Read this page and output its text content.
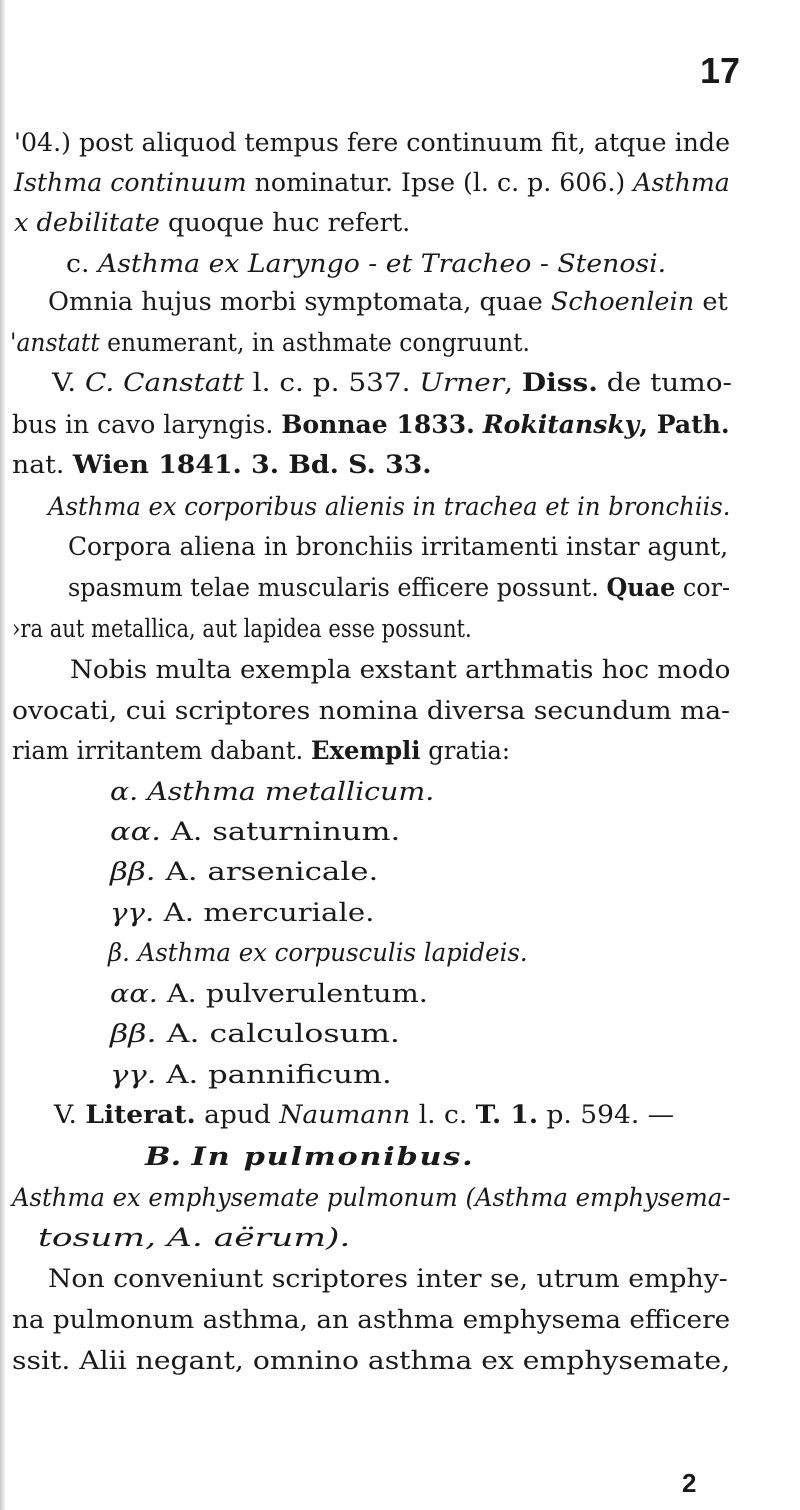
17
'04.) post aliquod tempus fere continuum fit, atque inde
Isthma continuum nominatur. Ipse (l. c. p. 606.) Asthma
x debilitate quoque huc refert.
c. Asthma ex Laryngo - et Tracheo - Stenosi.
Omnia hujus morbi symptomata, quae Schoenlein et
'anstatt enumerant, in asthmate congruunt.
V. C. Canstatt l. c. p. 537. Urner, Diss. de tumo-
bus in cavo laryngis. Bonnae 1833. Rokitansky, Path.
nat. Wien 1841. 3. Bd. S. 33.
Asthma ex corporibus alienis in trachea et in bronchiis.
Corpora aliena in bronchiis irritamenti instar agunt,
spasmum telae muscularis efficere possunt. Quae cor-
›ra aut metallica, aut lapidea esse possunt.
Nobis multa exempla exstant arthmatis hoc modo
ovocati, cui scriptores nomina diversa secundum ma-
riam irritantem dabant. Exempli gratia:
α. Asthma metallicum.
αα. A. saturninum.
ββ. A. arsenicale.
γγ. A. mercuriale.
β. Asthma ex corpusculis lapideis.
αα. A. pulverulentum.
ββ. A. calculosum.
γγ. A. pannificum.
V. Literat. apud Naumann l. c. T. 1. p. 594. —
B. In pulmonibus.
Asthma ex emphysemate pulmonum (Asthma emphysema-
tosum, A. aërum).
Non conveniunt scriptores inter se, utrum emphy-
na pulmonum asthma, an asthma emphysema efficere
ssit. Alii negant, omnino asthma ex emphysemate,
2
